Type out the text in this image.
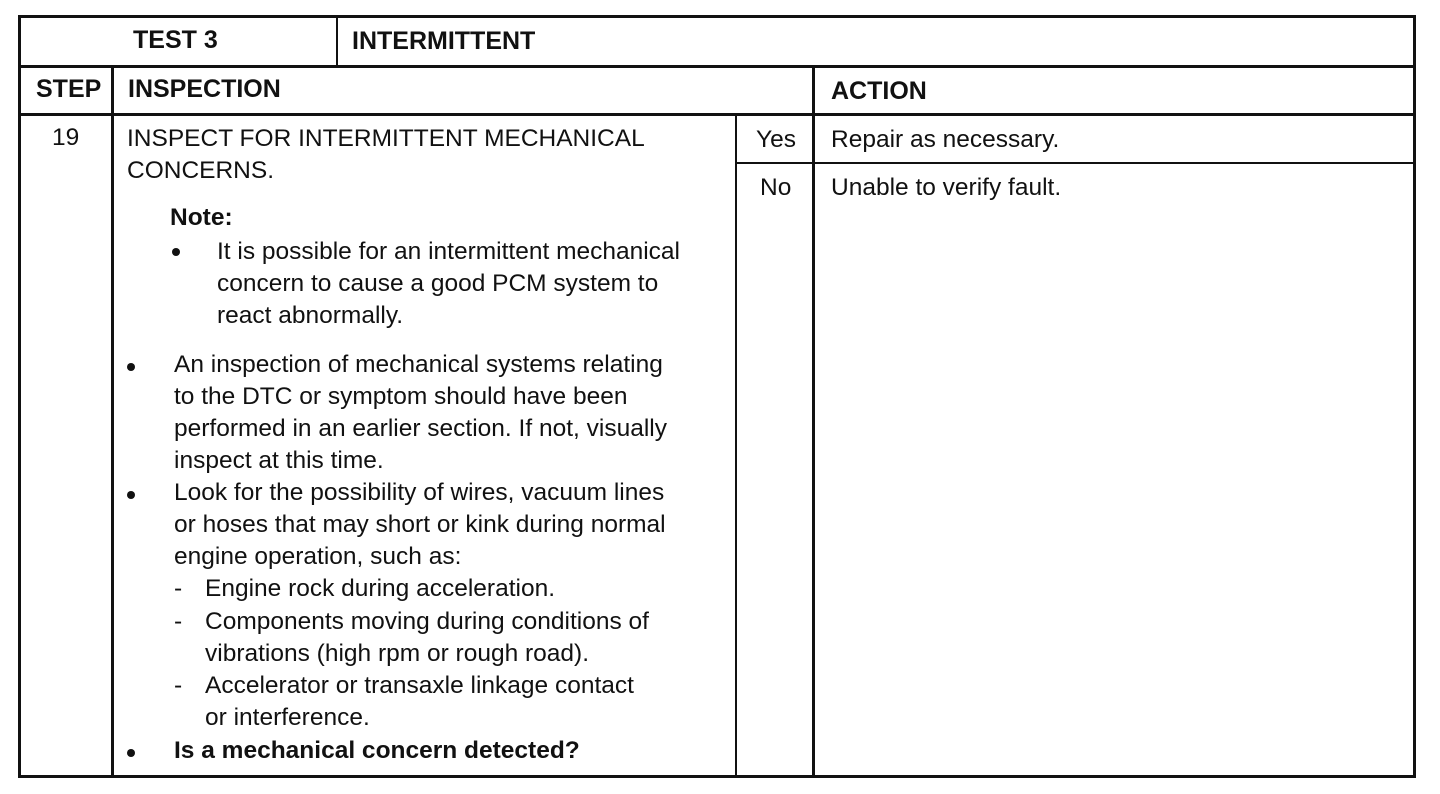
TEST 3	INTERMITTENT
STEP INSPECTION	ACTION
19 INSPECT FOR INTERMITTENT MECHANICAL
CONCERNS.
Note:
It is possible for an intermittent mechanical
concern to cause a good PCM system to
react abnormally.
An inspection of mechanical systems relating
to the DTC or symptom should have been
performed in an earlier section. If not, visually
inspect at this time.
Look for the possibility of wires, vacuum lines
or hoses that may short or kink during normal
engine operation, such as:
- Engine rock during acceleration.
- Components moving during conditions of
vibrations (high rpm or rough road).
- Accelerator or transaxle linkage contact
or interference.
Is a mechanical concern detected?
Yes Repair as necessary.
No Unable to verify fault.
